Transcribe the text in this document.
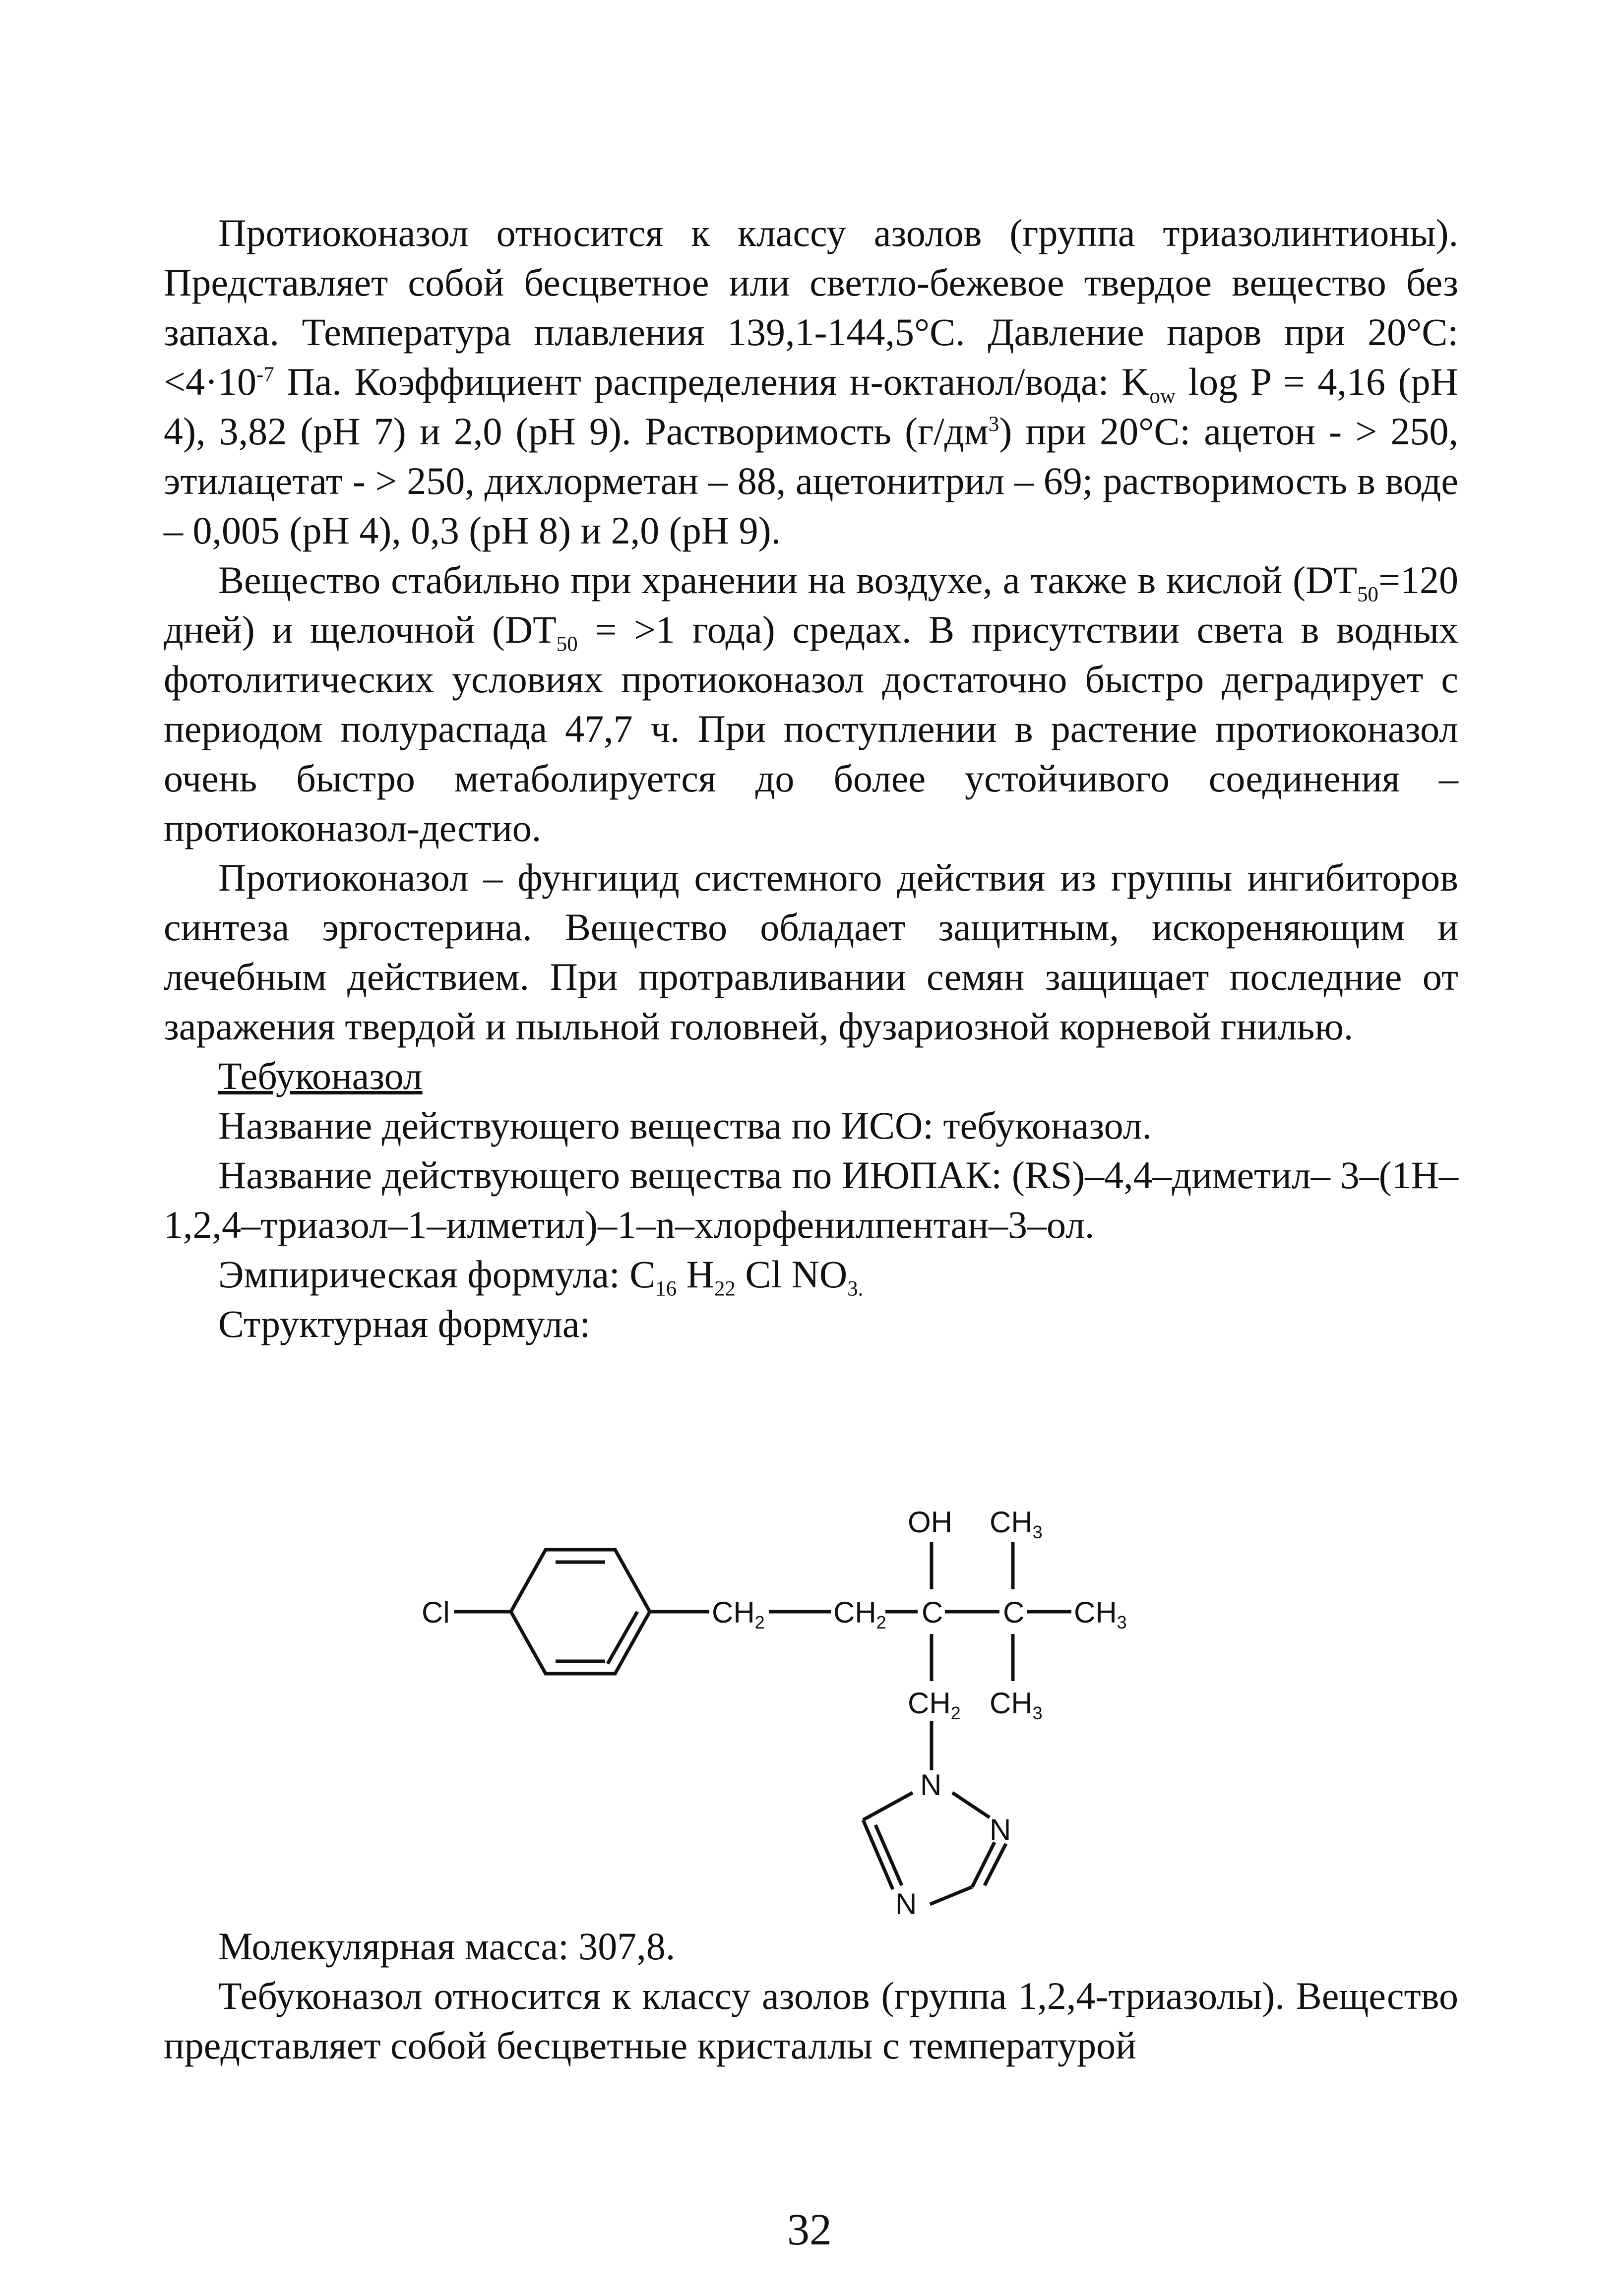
Протиоконазол относится к классу азолов (группа триазолинтионы). Представляет собой бесцветное или светло-бежевое твердое вещество без запаха. Температура плавления 139,1-144,5°C. Давление паров при 20°C: $<4\cdot 10^{-7}$ Па. Коэффициент распределения н-октанол/вода: $K_{ow}$ log P = 4,16 (pH 4), 3,82 (pH 7) и 2,0 (pH 9). Растворимость $(г/дм^3)$ при 20°C: ацетон - > 250, этилацетат - > 250, дихлорметан – 88, ацетонитрил – 69; растворимость в воде – 0,005 (pH 4), 0,3 (pH 8) и 2,0 (pH 9).

Вещество стабильно при хранении на воздухе, а также в кислой ($DT_{50}=120$ дней) и щелочной ($DT_{50} = >1$ года) средах. В присутствии света в водных фотолитических условиях протиоконазол достаточно быстро деградирует с периодом полураспада 47,7 ч. При поступлении в растение протиоконазол очень быстро метаболируется до более устойчивого соединения – протиоконазол-дестио.

Протиоконазол – фунгицид системного действия из группы ингибиторов синтеза эргостерина. Вещество обладает защитным, искореняющим и лечебным действием. При протравливании семян защищает последние от заражения твердой и пыльной головней, фузариозной корневой гнилью.

Тебуконазол

Название действующего вещества по ИСО: тебуконазол.

Название действующего вещества по ИЮПАК: (RS)–4,4–диметил– 3–(1H–1,2,4–триазол–1–илметил)–1–n–хлорфенилпентан–3–ол.

Эмпирическая формула: $C_{16}$ $H_{22}$ Cl $NO_{3.}$

Структурная формула:

Cl	$CH_2$ $CH_2$ C C $CH_3$
OH $CH_3$
$CH_2$ $CH_3$
N
N
N

Молекулярная масса: 307,8.

Тебуконазол относится к классу азолов (группа 1,2,4-триазолы). Вещество представляет собой бесцветные кристаллы с температурой

32
